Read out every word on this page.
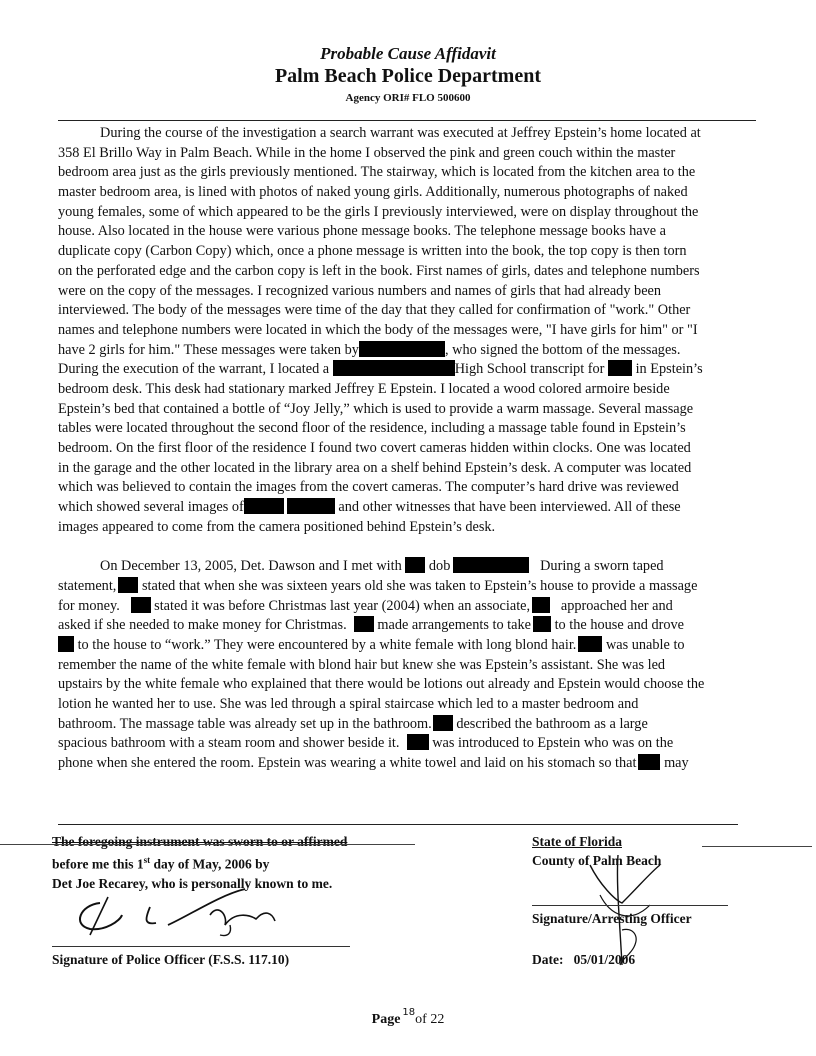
Probable Cause Affidavit
Palm Beach Police Department
Agency ORI# FLO 500600
During the course of the investigation a search warrant was executed at Jeffrey Epstein’s home located at
358 El Brillo Way in Palm Beach. While in the home I observed the pink and green couch within the master
bedroom area just as the girls previously mentioned. The stairway, which is located from the kitchen area to the
master bedroom area, is lined with photos of naked young girls. Additionally, numerous photographs of naked
young females, some of which appeared to be the girls I previously interviewed, were on display throughout the
house. Also located in the house were various phone message books. The telephone message books have a
duplicate copy (Carbon Copy) which, once a phone message is written into the book, the top copy is then torn
on the perforated edge and the carbon copy is left in the book. First names of girls, dates and telephone numbers
were on the copy of the messages. I recognized various numbers and names of girls that had already been
interviewed. The body of the messages were time of the day that they called for confirmation of "work." Other
names and telephone numbers were located in which the body of the messages were, "I have girls for him" or "I
have 2 girls for him." These messages were taken by	, who signed the bottom of the messages.
During the execution of the warrant, I located a	High School transcript for in Epstein’s
bedroom desk. This desk had stationary marked Jeffrey E Epstein. I located a wood colored armoire beside
Epstein’s bed that contained a bottle of “Joy Jelly,” which is used to provide a warm massage. Several massage
tables were located throughout the second floor of the residence, including a massage table found in Epstein’s
bedroom. On the first floor of the residence I found two covert cameras hidden within clocks. One was located
in the garage and the other located in the library area on a shelf behind Epstein’s desk. A computer was located
which was believed to contain the images from the covert cameras. The computer’s hard drive was reviewed
which showed several images of	and other witnesses that have been interviewed. All of these
images appeared to come from the camera positioned behind Epstein’s desk.
On December 13, 2005, Det. Dawson and I met with dob	During a sworn taped
statement, stated that when she was sixteen years old she was taken to Epstein’s house to provide a massage
for money. stated it was before Christmas last year (2004) when an associate, approached her and
asked if she needed to make money for Christmas. made arrangements to take to the house and drove
to the house to “work.” They were encountered by a white female with long blond hair. was unable to
remember the name of the white female with blond hair but knew she was Epstein’s assistant. She was led
upstairs by the white female who explained that there would be lotions out already and Epstein would choose the
lotion he wanted her to use. She was led through a spiral staircase which led to a master bedroom and
bathroom. The massage table was already set up in the bathroom. described the bathroom as a large
spacious bathroom with a steam room and shower beside it. was introduced to Epstein who was on the
phone when she entered the room. Epstein was wearing a white towel and laid on his stomach so that may
The foregoing instrument was sworn to or affirmed
before me this 1st day of May, 2006 by
Det Joe Recarey, who is personally known to me.
Signature of Police Officer (F.S.S. 117.10)
State of Florida
County of Palm Beach
Signature/Arresting Officer
Date: 05/01/2006
Page $^{18}$of 22
